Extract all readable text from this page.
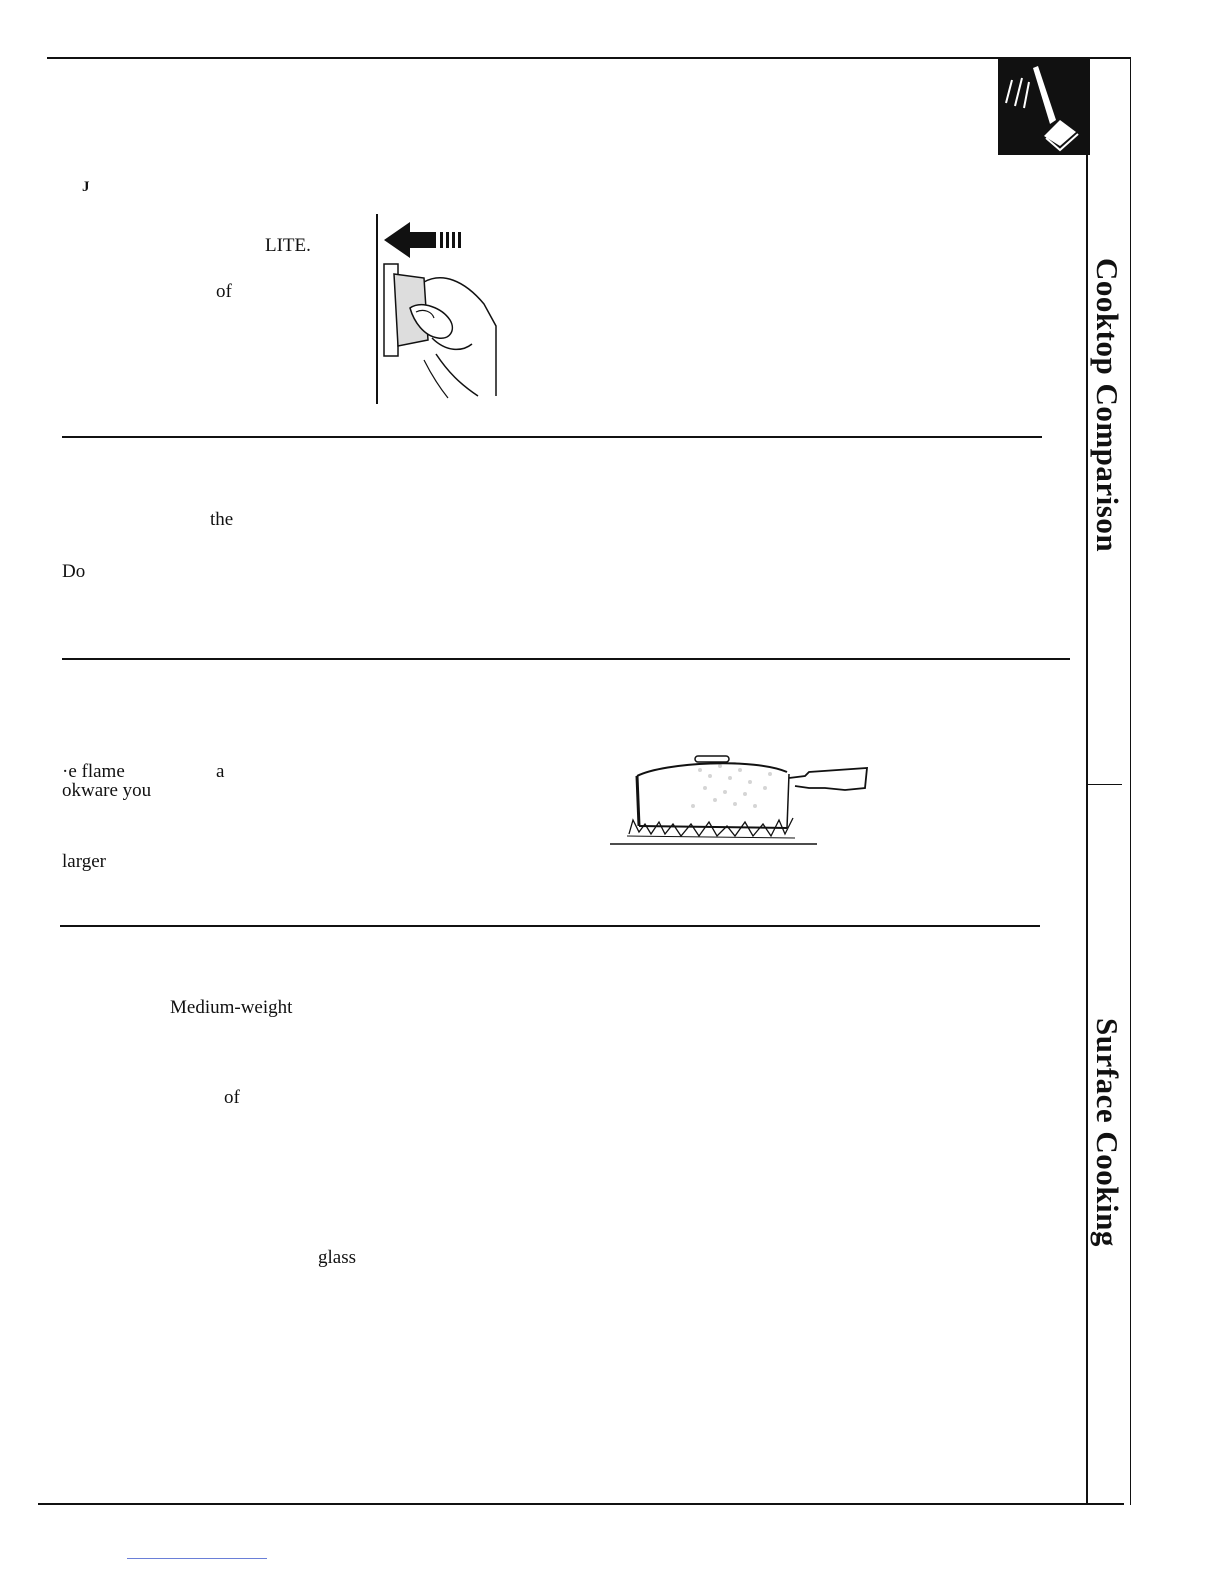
Cooktop Comparison
Surface Cooking
J
LITE.
of
the
Do
·e flame	a
okware you
larger
Medium-weight
of
glass
